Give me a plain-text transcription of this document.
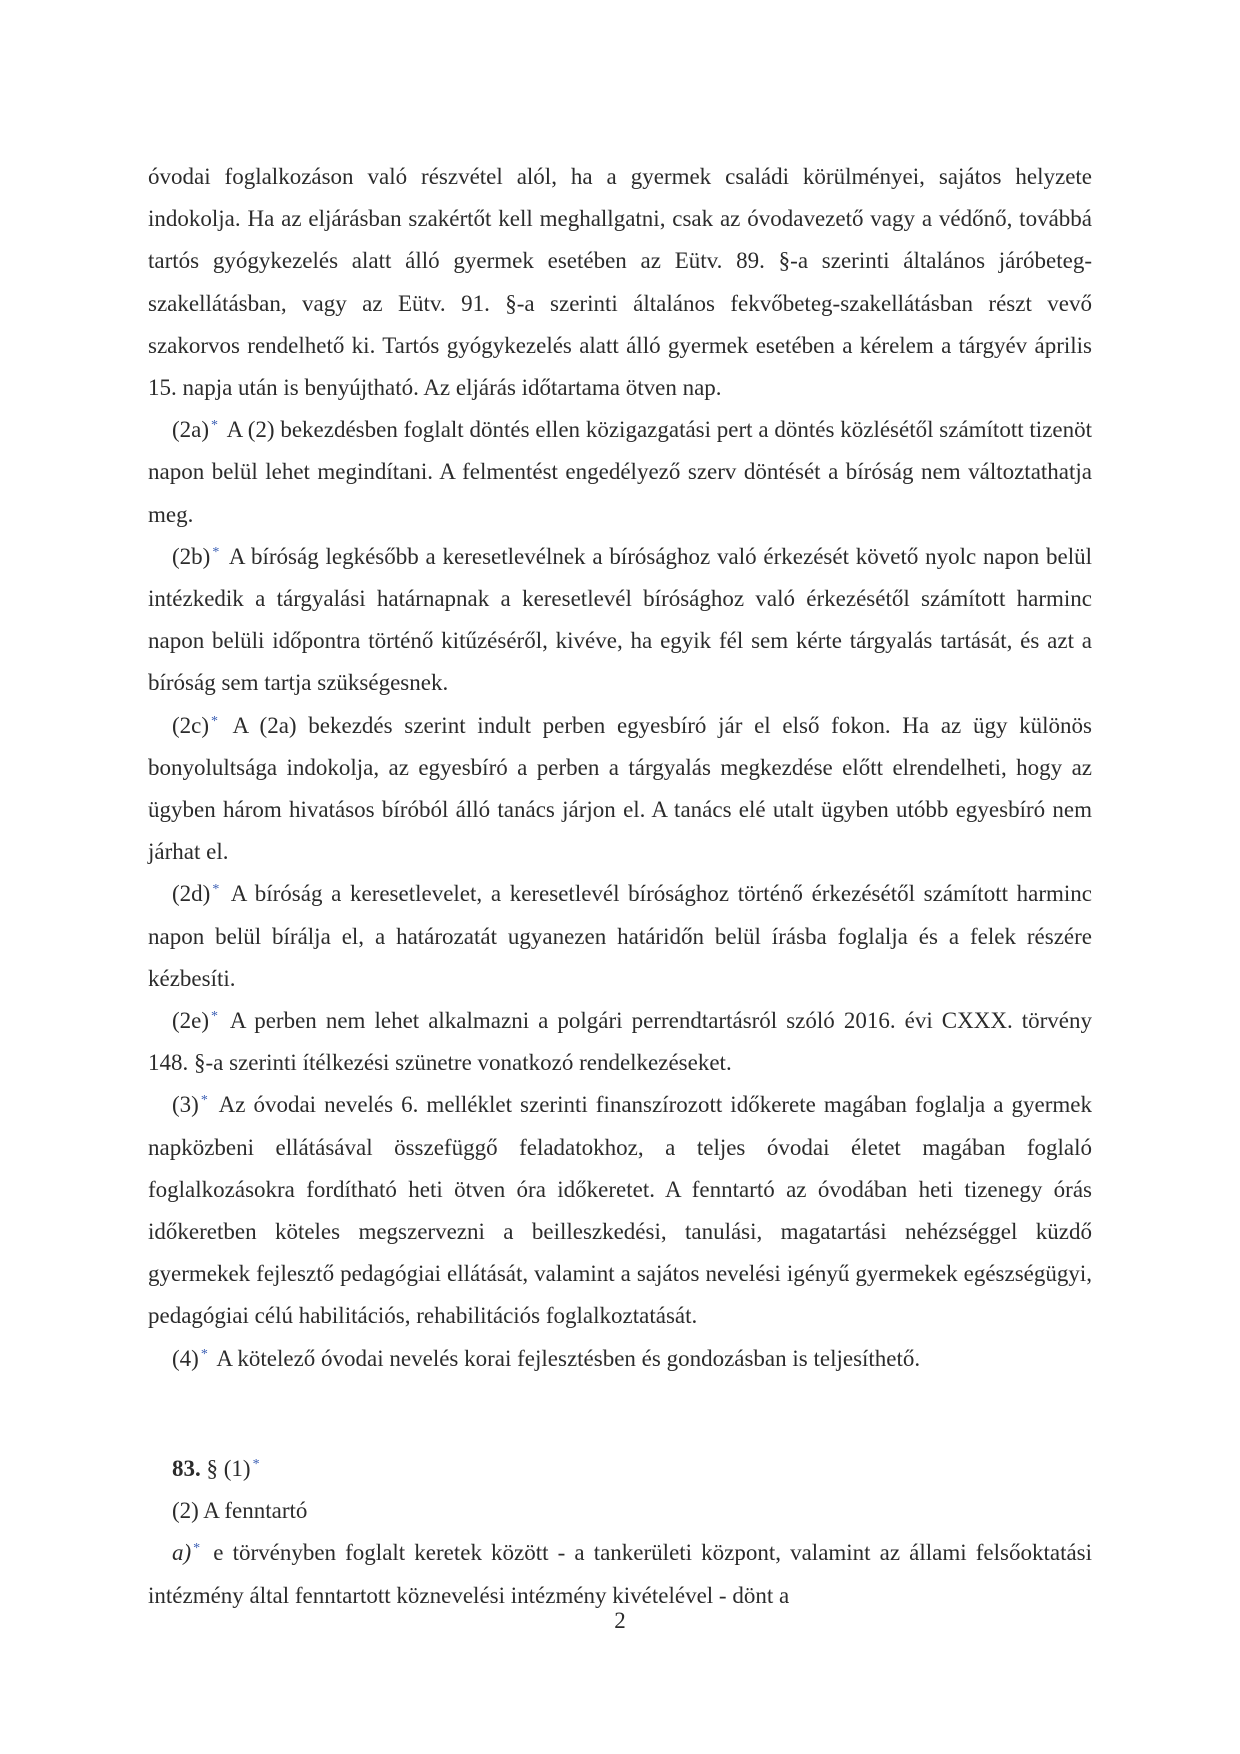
óvodai foglalkozáson való részvétel alól, ha a gyermek családi körülményei, sajátos helyzete indokolja. Ha az eljárásban szakértőt kell meghallgatni, csak az óvodavezető vagy a védőnő, továbbá tartós gyógykezelés alatt álló gyermek esetében az Eütv. 89. §-a szerinti általános járóbeteg-szakellátásban, vagy az Eütv. 91. §-a szerinti általános fekvőbeteg-szakellátásban részt vevő szakorvos rendelhető ki. Tartós gyógykezelés alatt álló gyermek esetében a kérelem a tárgyév április 15. napja után is benyújtható. Az eljárás időtartama ötven nap.

(2a) * A (2) bekezdésben foglalt döntés ellen közigazgatási pert a döntés közlésétől számított tizenöt napon belül lehet megindítani. A felmentést engedélyező szerv döntését a bíróság nem változtathatja meg.

(2b) * A bíróság legkésőbb a keresetlevélnek a bírósághoz való érkezését követő nyolc napon belül intézkedik a tárgyalási határnapnak a keresetlevél bírósághoz való érkezésétől számított harminc napon belüli időpontra történő kitűzéséről, kivéve, ha egyik fél sem kérte tárgyalás tartását, és azt a bíróság sem tartja szükségesnek.

(2c) * A (2a) bekezdés szerint indult perben egyesbíró jár el első fokon. Ha az ügy különös bonyolultsága indokolja, az egyesbíró a perben a tárgyalás megkezdése előtt elrendelheti, hogy az ügyben három hivatásos bíróból álló tanács járjon el. A tanács elé utalt ügyben utóbb egyesbíró nem járhat el.

(2d) * A bíróság a keresetlevelet, a keresetlevél bírósághoz történő érkezésétől számított harminc napon belül bírálja el, a határozatát ugyanezen határidőn belül írásba foglalja és a felek részére kézbesíti.

(2e) * A perben nem lehet alkalmazni a polgári perrendtartásról szóló 2016. évi CXXX. törvény 148. §-a szerinti ítélkezési szünetre vonatkozó rendelkezéseket.

(3) * Az óvodai nevelés 6. melléklet szerinti finanszírozott időkerete magában foglalja a gyermek napközbeni ellátásával összefüggő feladatokhoz, a teljes óvodai életet magában foglaló foglalkozásokra fordítható heti ötven óra időkeretet. A fenntartó az óvodában heti tizenegy órás időkeretben köteles megszervezni a beilleszkedési, tanulási, magatartási nehézséggel küzdő gyermekek fejlesztő pedagógiai ellátását, valamint a sajátos nevelési igényű gyermekek egészségügyi, pedagógiai célú habilitációs, rehabilitációs foglalkoztatását.

(4) * A kötelező óvodai nevelés korai fejlesztésben és gondozásban is teljesíthető.

83. § (1) *

(2) A fenntartó

a) * e törvényben foglalt keretek között - a tankerületi központ, valamint az állami felsőoktatási intézmény által fenntartott köznevelési intézmény kivételével - dönt a

2
